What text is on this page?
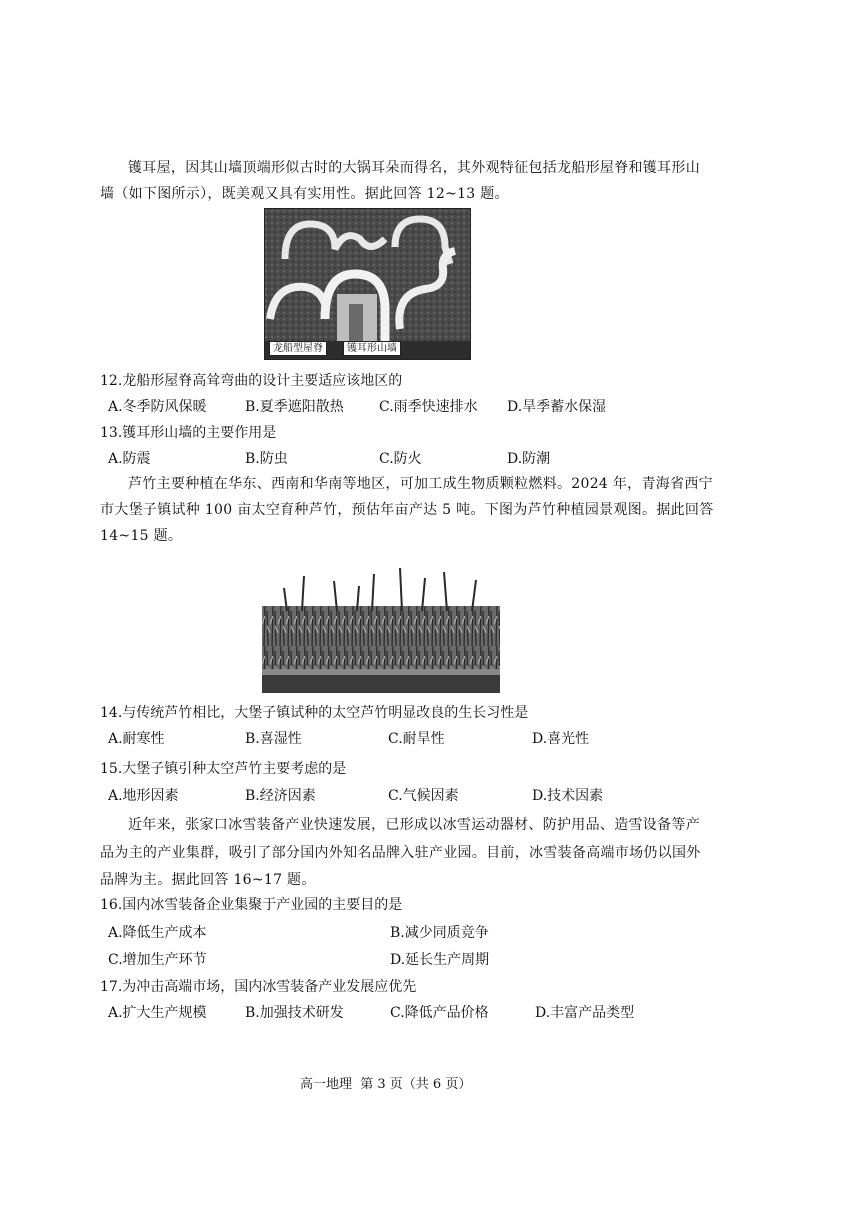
镬耳屋，因其山墙顶端形似古时的大锅耳朵而得名，其外观特征包括龙船形屋脊和镬耳形山
墙（如下图所示），既美观又具有实用性。据此回答 12~13 题。
龙船型屋脊	镬耳形山墙
12.龙船形屋脊高耸弯曲的设计主要适应该地区的
A.冬季防风保暖	B.夏季遮阳散热	C.雨季快速排水 D.旱季蓄水保湿
13.镬耳形山墙的主要作用是
A.防震	B.防虫	C.防火	D.防潮
芦竹主要种植在华东、西南和华南等地区，可加工成生物质颗粒燃料。2024 年，青海省西宁
市大堡子镇试种 100 亩太空育种芦竹，预估年亩产达 5 吨。下图为芦竹种植园景观图。据此回答
14~15 题。
14.与传统芦竹相比，大堡子镇试种的太空芦竹明显改良的生长习性是
A.耐寒性	B.喜湿性	C.耐旱性	D.喜光性
15.大堡子镇引种太空芦竹主要考虑的是
A.地形因素	B.经济因素	C.气候因素	D.技术因素
近年来，张家口冰雪装备产业快速发展，已形成以冰雪运动器材、防护用品、造雪设备等产
品为主的产业集群，吸引了部分国内外知名品牌入驻产业园。目前，冰雪装备高端市场仍以国外
品牌为主。据此回答 16~17 题。
16.国内冰雪装备企业集聚于产业园的主要目的是
A.降低生产成本	B.减少同质竞争
C.增加生产环节	D.延长生产周期
17.为冲击高端市场，国内冰雪装备产业发展应优先
A.扩大生产规模	B.加强技术研发	C.降低产品价格	D.丰富产品类型
高一地理  第 3 页（共 6 页）
